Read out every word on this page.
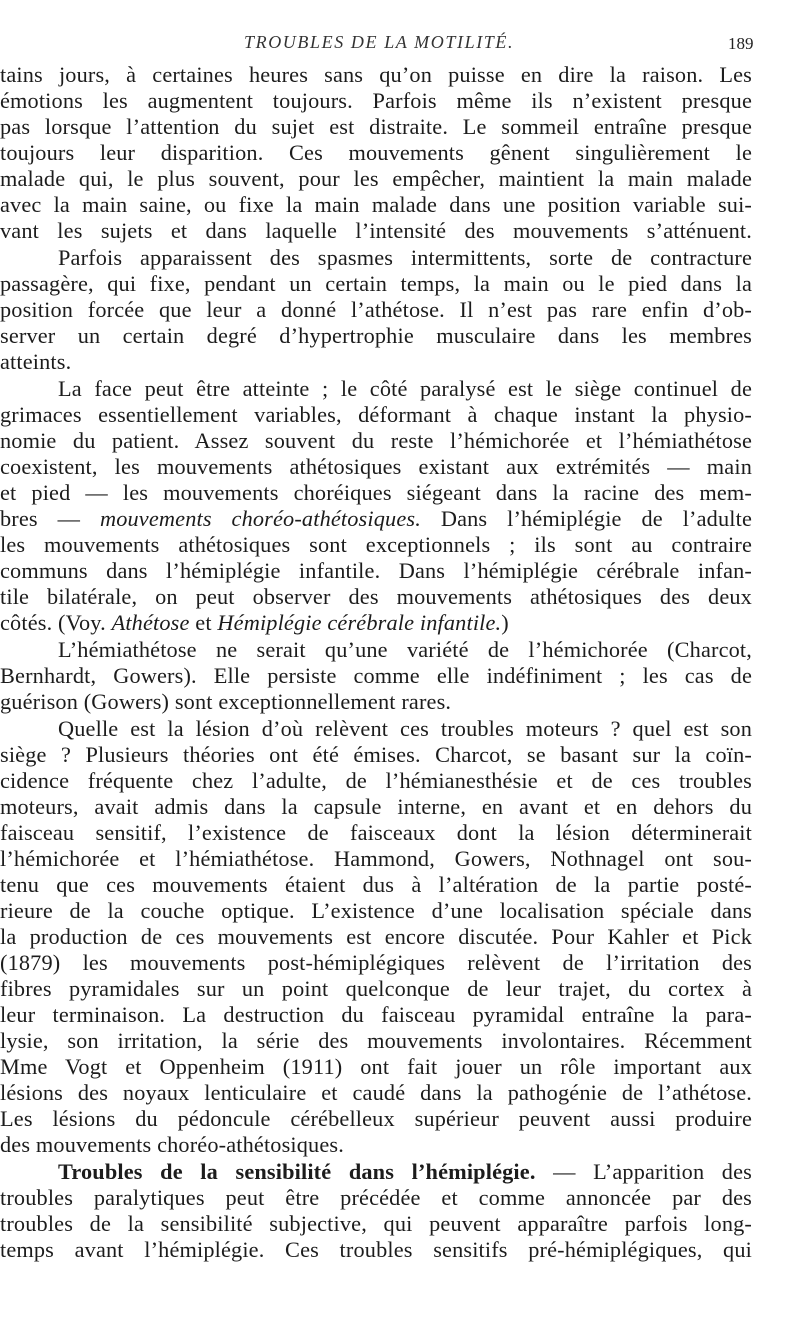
TROUBLES DE LA MOTILITÉ.	189
tains jours, à certaines heures sans qu’on puisse en dire la raison. Les
émotions les augmentent toujours. Parfois même ils n’existent presque
pas lorsque l’attention du sujet est distraite. Le sommeil entraîne presque
toujours leur disparition. Ces mouvements gênent singulièrement le
malade qui, le plus souvent, pour les empêcher, maintient la main malade
avec la main saine, ou fixe la main malade dans une position variable sui-
vant les sujets et dans laquelle l’intensité des mouvements s’atténuent.
Parfois apparaissent des spasmes intermittents, sorte de contracture
passagère, qui fixe, pendant un certain temps, la main ou le pied dans la
position forcée que leur a donné l’athétose. Il n’est pas rare enfin d’ob-
server un certain degré d’hypertrophie musculaire dans les membres
atteints.
La face peut être atteinte ; le côté paralysé est le siège continuel de
grimaces essentiellement variables, déformant à chaque instant la physio-
nomie du patient. Assez souvent du reste l’hémichorée et l’hémiathétose
coexistent, les mouvements athétosiques existant aux extrémités — main
et pied — les mouvements choréiques siégeant dans la racine des mem-
bres — mouvements choréo-athétosiques. Dans l’hémiplégie de l’adulte
les mouvements athétosiques sont exceptionnels ; ils sont au contraire
communs dans l’hémiplégie infantile. Dans l’hémiplégie cérébrale infan-
tile bilatérale, on peut observer des mouvements athétosiques des deux
côtés. (Voy. Athétose et Hémiplégie cérébrale infantile.)
L’hémiathétose ne serait qu’une variété de l’hémichorée (Charcot,
Bernhardt, Gowers). Elle persiste comme elle indéfiniment ; les cas de
guérison (Gowers) sont exceptionnellement rares.
Quelle est la lésion d’où relèvent ces troubles moteurs ? quel est son
siège ? Plusieurs théories ont été émises. Charcot, se basant sur la coïn-
cidence fréquente chez l’adulte, de l’hémianesthésie et de ces troubles
moteurs, avait admis dans la capsule interne, en avant et en dehors du
faisceau sensitif, l’existence de faisceaux dont la lésion déterminerait
l’hémichorée et l’hémiathétose. Hammond, Gowers, Nothnagel ont sou-
tenu que ces mouvements étaient dus à l’altération de la partie posté-
rieure de la couche optique. L’existence d’une localisation spéciale dans
la production de ces mouvements est encore discutée. Pour Kahler et Pick
(1879) les mouvements post-hémiplégiques relèvent de l’irritation des
fibres pyramidales sur un point quelconque de leur trajet, du cortex à
leur terminaison. La destruction du faisceau pyramidal entraîne la para-
lysie, son irritation, la série des mouvements involontaires. Récemment
Mme Vogt et Oppenheim (1911) ont fait jouer un rôle important aux
lésions des noyaux lenticulaire et caudé dans la pathogénie de l’athétose.
Les lésions du pédoncule cérébelleux supérieur peuvent aussi produire
des mouvements choréo-athétosiques.
Troubles de la sensibilité dans l’hémiplégie. — L’apparition des
troubles paralytiques peut être précédée et comme annoncée par des
troubles de la sensibilité subjective, qui peuvent apparaître parfois long-
temps avant l’hémiplégie. Ces troubles sensitifs pré-hémiplégiques, qui
